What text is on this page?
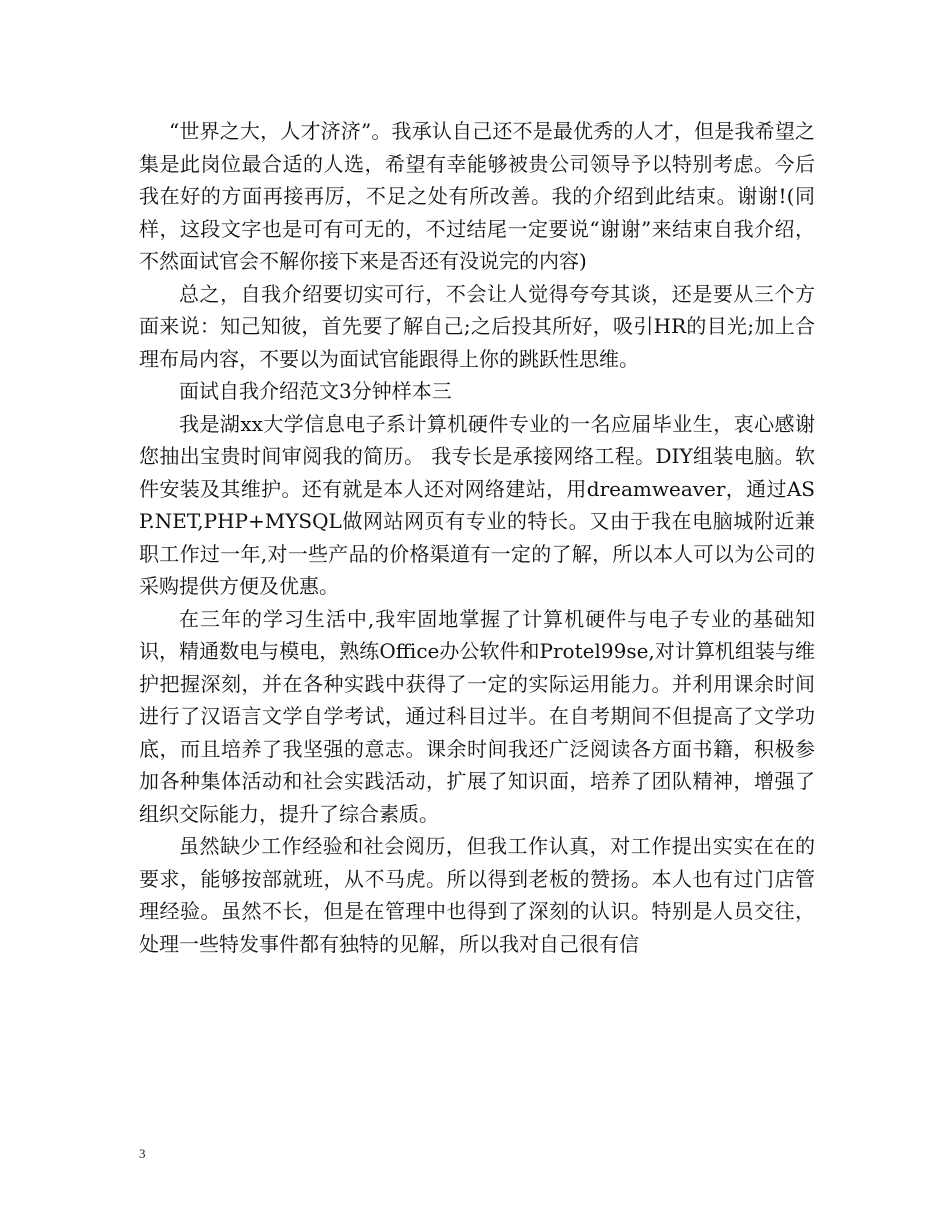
“世界之大，人才济济”。我承认自己还不是最优秀的人才，但是我希望之集是此岗位最合适的人选，希望有幸能够被贵公司领导予以特别考虑。今后我在好的方面再接再厉，不足之处有所改善。我的介绍到此结束。谢谢!(同样，这段文字也是可有可无的，不过结尾一定要说“谢谢”来结束自我介绍，不然面试官会不解你接下来是否还有没说完的内容)

总之，自我介绍要切实可行，不会让人觉得夸夸其谈，还是要从三个方面来说：知己知彼，首先要了解自己;之后投其所好，吸引HR的目光;加上合理布局内容，不要以为面试官能跟得上你的跳跃性思维。

面试自我介绍范文3分钟样本三

我是湖xx大学信息电子系计算机硬件专业的一名应届毕业生，衷心感谢您抽出宝贵时间审阅我的简历。 我专长是承接网络工程。DIY组装电脑。软件安装及其维护。还有就是本人还对网络建站，用dreamweaver，通过ASP.NET,PHP+MYSQL做网站网页有专业的特长。又由于我在电脑城附近兼职工作过一年,对一些产品的价格渠道有一定的了解，所以本人可以为公司的采购提供方便及优惠。

在三年的学习生活中,我牢固地掌握了计算机硬件与电子专业的基础知识，精通数电与模电，熟练Office办公软件和Protel99se,对计算机组装与维护把握深刻，并在各种实践中获得了一定的实际运用能力。并利用课余时间进行了汉语言文学自学考试，通过科目过半。在自考期间不但提高了文学功底，而且培养了我坚强的意志。课余时间我还广泛阅读各方面书籍，积极参加各种集体活动和社会实践活动，扩展了知识面，培养了团队精神，增强了组织交际能力，提升了综合素质。

虽然缺少工作经验和社会阅历，但我工作认真，对工作提出实实在在的要求，能够按部就班，从不马虎。所以得到老板的赞扬。本人也有过门店管理经验。虽然不长，但是在管理中也得到了深刻的认识。特别是人员交往，处理一些特发事件都有独特的见解，所以我对自己很有信

3
